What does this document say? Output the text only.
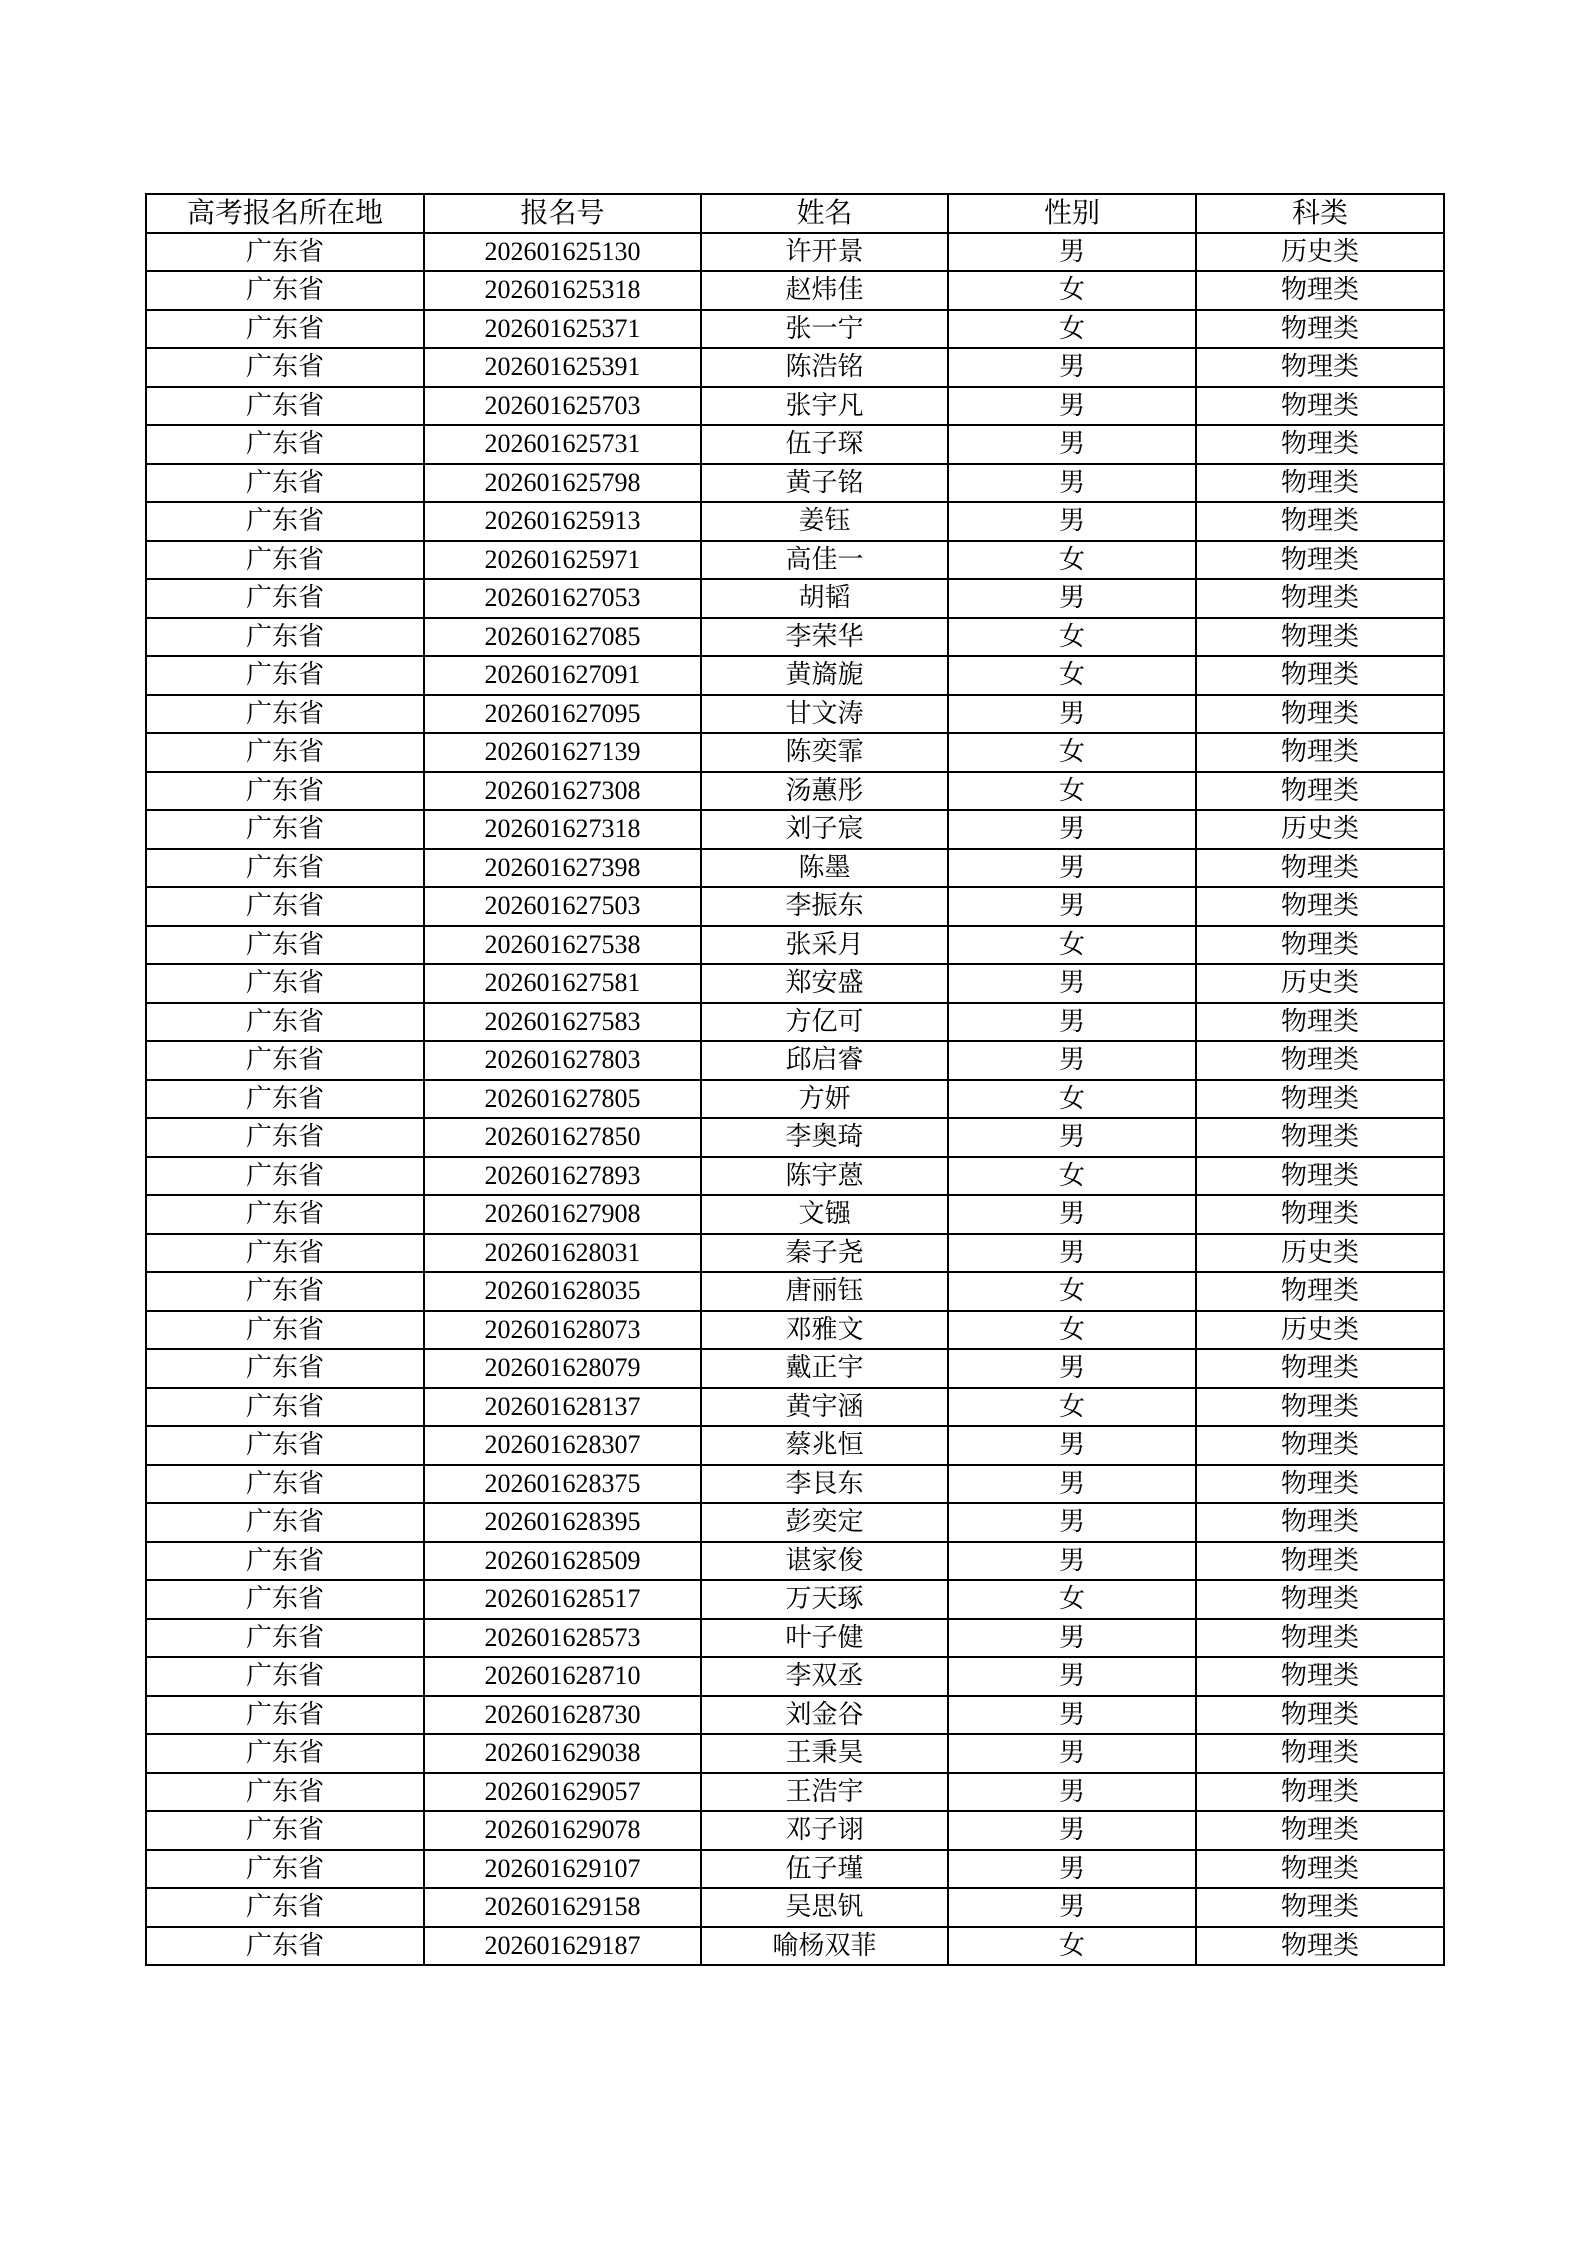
高考报名所在地	报名号	姓名	性别	科类
广东省	202601625130	许开景	男	历史类
广东省	202601625318	赵炜佳	女	物理类
广东省	202601625371	张一宁	女	物理类
广东省	202601625391	陈浩铭	男	物理类
广东省	202601625703	张宇凡	男	物理类
广东省	202601625731	伍子琛	男	物理类
广东省	202601625798	黄子铭	男	物理类
广东省	202601625913	姜钰	男	物理类
广东省	202601625971	高佳一	女	物理类
广东省	202601627053	胡韬	男	物理类
广东省	202601627085	李荣华	女	物理类
广东省	202601627091	黄旖旎	女	物理类
广东省	202601627095	甘文涛	男	物理类
广东省	202601627139	陈奕霏	女	物理类
广东省	202601627308	汤蕙彤	女	物理类
广东省	202601627318	刘子宸	男	历史类
广东省	202601627398	陈墨	男	物理类
广东省	202601627503	李振东	男	物理类
广东省	202601627538	张采月	女	物理类
广东省	202601627581	郑安盛	男	历史类
广东省	202601627583	方亿可	男	物理类
广东省	202601627803	邱启睿	男	物理类
广东省	202601627805	方妍	女	物理类
广东省	202601627850	李奥琦	男	物理类
广东省	202601627893	陈宇蒽	女	物理类
广东省	202601627908	文镪	男	物理类
广东省	202601628031	秦子尧	男	历史类
广东省	202601628035	唐丽钰	女	物理类
广东省	202601628073	邓雅文	女	历史类
广东省	202601628079	戴正宇	男	物理类
广东省	202601628137	黄宇涵	女	物理类
广东省	202601628307	蔡兆恒	男	物理类
广东省	202601628375	李艮东	男	物理类
广东省	202601628395	彭奕定	男	物理类
广东省	202601628509	谌家俊	男	物理类
广东省	202601628517	万天琢	女	物理类
广东省	202601628573	叶子健	男	物理类
广东省	202601628710	李双丞	男	物理类
广东省	202601628730	刘金谷	男	物理类
广东省	202601629038	王秉昊	男	物理类
广东省	202601629057	王浩宇	男	物理类
广东省	202601629078	邓子诩	男	物理类
广东省	202601629107	伍子瑾	男	物理类
广东省	202601629158	吴思钒	男	物理类
广东省	202601629187	喻杨双菲	女	物理类
